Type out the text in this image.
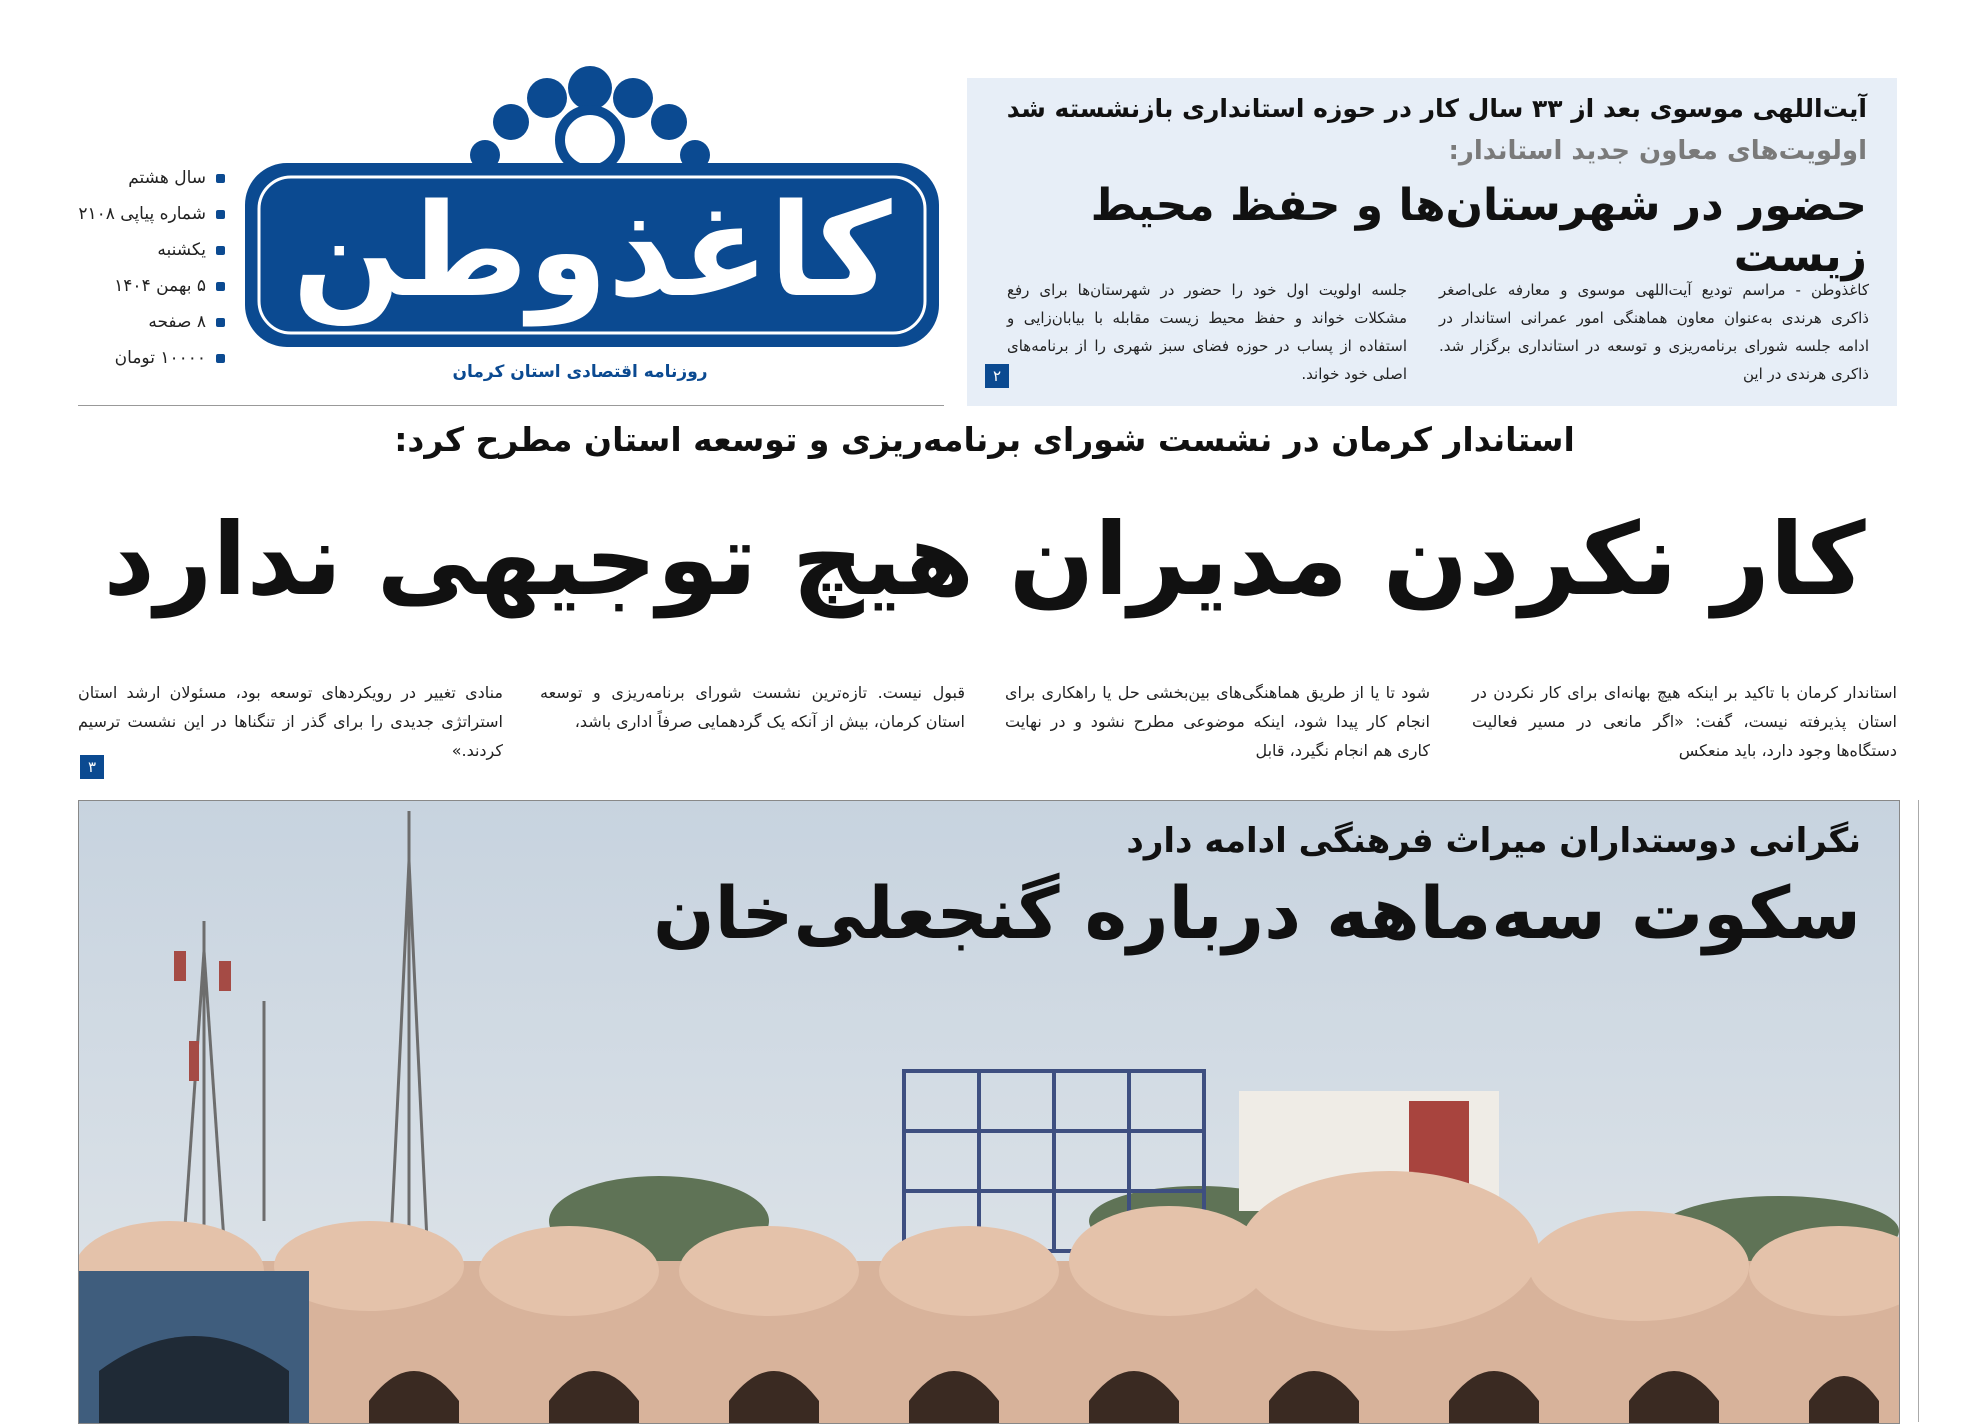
سال هشتم
شماره پیاپی ۲۱۰۸
یکشنبه
۵ بهمن ۱۴۰۴
۸ صفحه
۱۰۰۰۰ تومان
کاغذوطن
روزنامه اقتصادی استان کرمان
آیت‌اللهی موسوی بعد از ۳۳ سال کار در حوزه استانداری بازنشسته شد
اولویت‌های معاون جدید استاندار:
حضور در شهرستان‌ها و حفظ محیط زیست
کاغذوطن - مراسم تودیع آیت‌اللهی موسوی و معارفه علی‌اصغر ذاکری هرندی به‌عنوان معاون هماهنگی امور عمرانی استاندار در ادامه جلسه شورای برنامه‌ریزی و توسعه در استانداری برگزار شد. ذاکری هرندی در این
جلسه اولویت اول خود را حضور در شهرستان‌ها برای رفع مشکلات خواند و حفظ محیط زیست مقابله با بیابان‌زایی و استفاده از پساب در حوزه فضای سبز شهری را از برنامه‌های اصلی خود خواند.
۲
استاندار کرمان در نشست شورای برنامه‌ریزی و توسعه استان مطرح کرد:
کار نکردن مدیران هیچ توجیهی ندارد
استاندار کرمان با تاکید بر اینکه هیچ بهانه‌ای برای کار نکردن در استان پذیرفته نیست، گفت: «اگر مانعی در مسیر فعالیت دستگاه‌ها وجود دارد، باید منعکس
شود تا یا از طریق هماهنگی‌های بین‌بخشی حل یا راهکاری برای انجام کار پیدا شود، اینکه موضوعی مطرح نشود و در نهایت کاری هم انجام نگیرد، قابل
قبول نیست. تازه‌ترین نشست شورای برنامه‌ریزی و توسعه استان کرمان، بیش از آنکه یک گردهمایی صرفاً اداری باشد،
منادی تغییر در رویکردهای توسعه بود، مسئولان ارشد استان استراتژی جدیدی را برای گذر از تنگناها در این نشست ترسیم کردند.»
۳
نگرانی دوستداران میراث فرهنگی ادامه دارد
سکوت سه‌ماهه درباره گنجعلی‌خان
